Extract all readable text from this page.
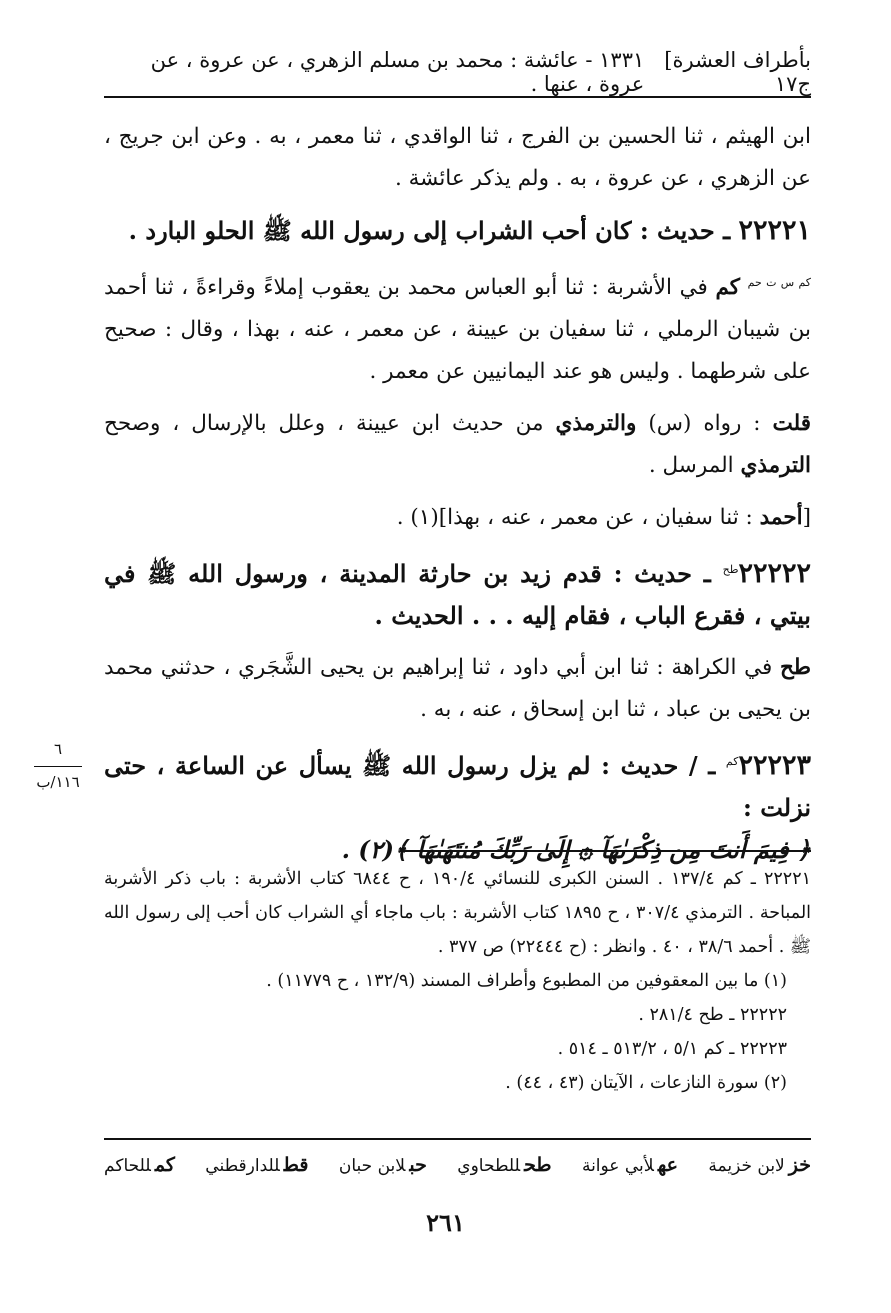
بأطراف العشرة] ج١٧
١٣٣١ - عائشة : محمد بن مسلم الزهري ، عن عروة ، عن عروة ، عنها .

ابن الهيثم ، ثنا الحسين بن الفرج ، ثنا الواقدي ، ثنا معمر ، به . وعن ابن جريج ، عن الزهري ، عن عروة ، به . ولم يذكر عائشة .

٢٢٢٢١ ـ حديث : كان أحب الشراب إلى رسول الله ﷺ الحلو البارد .

$^{كم س ت حم}$ كم في الأشربة : ثنا أبو العباس محمد بن يعقوب إملاءً وقراءةً ، ثنا أحمد بن شيبان الرملي ، ثنا سفيان بن عيينة ، عن معمر ، عنه ، بهذا ، وقال : صحيح على شرطهما . وليس هو عند اليمانيين عن معمر .

قلت : رواه (س) والترمذي من حديث ابن عيينة ، وعلل بالإرسال ، وصحح الترمذي المرسل .

[أحمد : ثنا سفيان ، عن معمر ، عنه ، بهذا](١) .

$٢٢٢٢٢^{طح}$ ـ حديث : قدم زيد بن حارثة المدينة ، ورسول الله ﷺ في بيتي ، فقرع الباب ، فقام إليه . . . الحديث .

طح في الكراهة : ثنا ابن أبي داود ، ثنا إبراهيم بن يحيى الشَّجَري ، حدثني محمد بن يحيى بن عباد ، ثنا ابن إسحاق ، عنه ، به .

$٢٢٢٢٣^{كم}$ ـ / حديث : لم يزل رسول الله ﷺ يسأل عن الساعة ، حتى نزلت :
﴿ فِيمَ أَنتَ مِن ذِكْرَىٰهَآ ۞ إِلَىٰ رَبِّكَ مُنتَهَىٰهَآ ﴾(٢) .

٦
١١٦/ب

٢٢٢٢١ ـ كم ١٣٧/٤ . السنن الكبرى للنسائي ١٩٠/٤ ، ح ٦٨٤٤ كتاب الأشربة : باب ذكر الأشربة المباحة . الترمذي ٣٠٧/٤ ، ح ١٨٩٥ كتاب الأشربة : باب ماجاء أي الشراب كان أحب إلى رسول الله ﷺ . أحمد ٣٨/٦ ، ٤٠ . وانظر : (ح ٢٢٤٤٤) ص ٣٧٧ .

(١) ما بين المعقوفين من المطبوع وأطراف المسند (١٣٢/٩ ، ح ١١٧٧٩) .

٢٢٢٢٢ ـ طح ٢٨١/٤ .

٢٢٢٢٣ ـ كم ٥/١ ، ٥١٣/٢ ـ ٥١٤ .

(٢) سورة النازعات ، الآيتان (٤٣ ، ٤٤) .

خزلابن خزيمة
عهلأبي عوانة
طحللطحاوي
حبلابن حبان
قطللدارقطني
كمللحاكم
٢٦١
